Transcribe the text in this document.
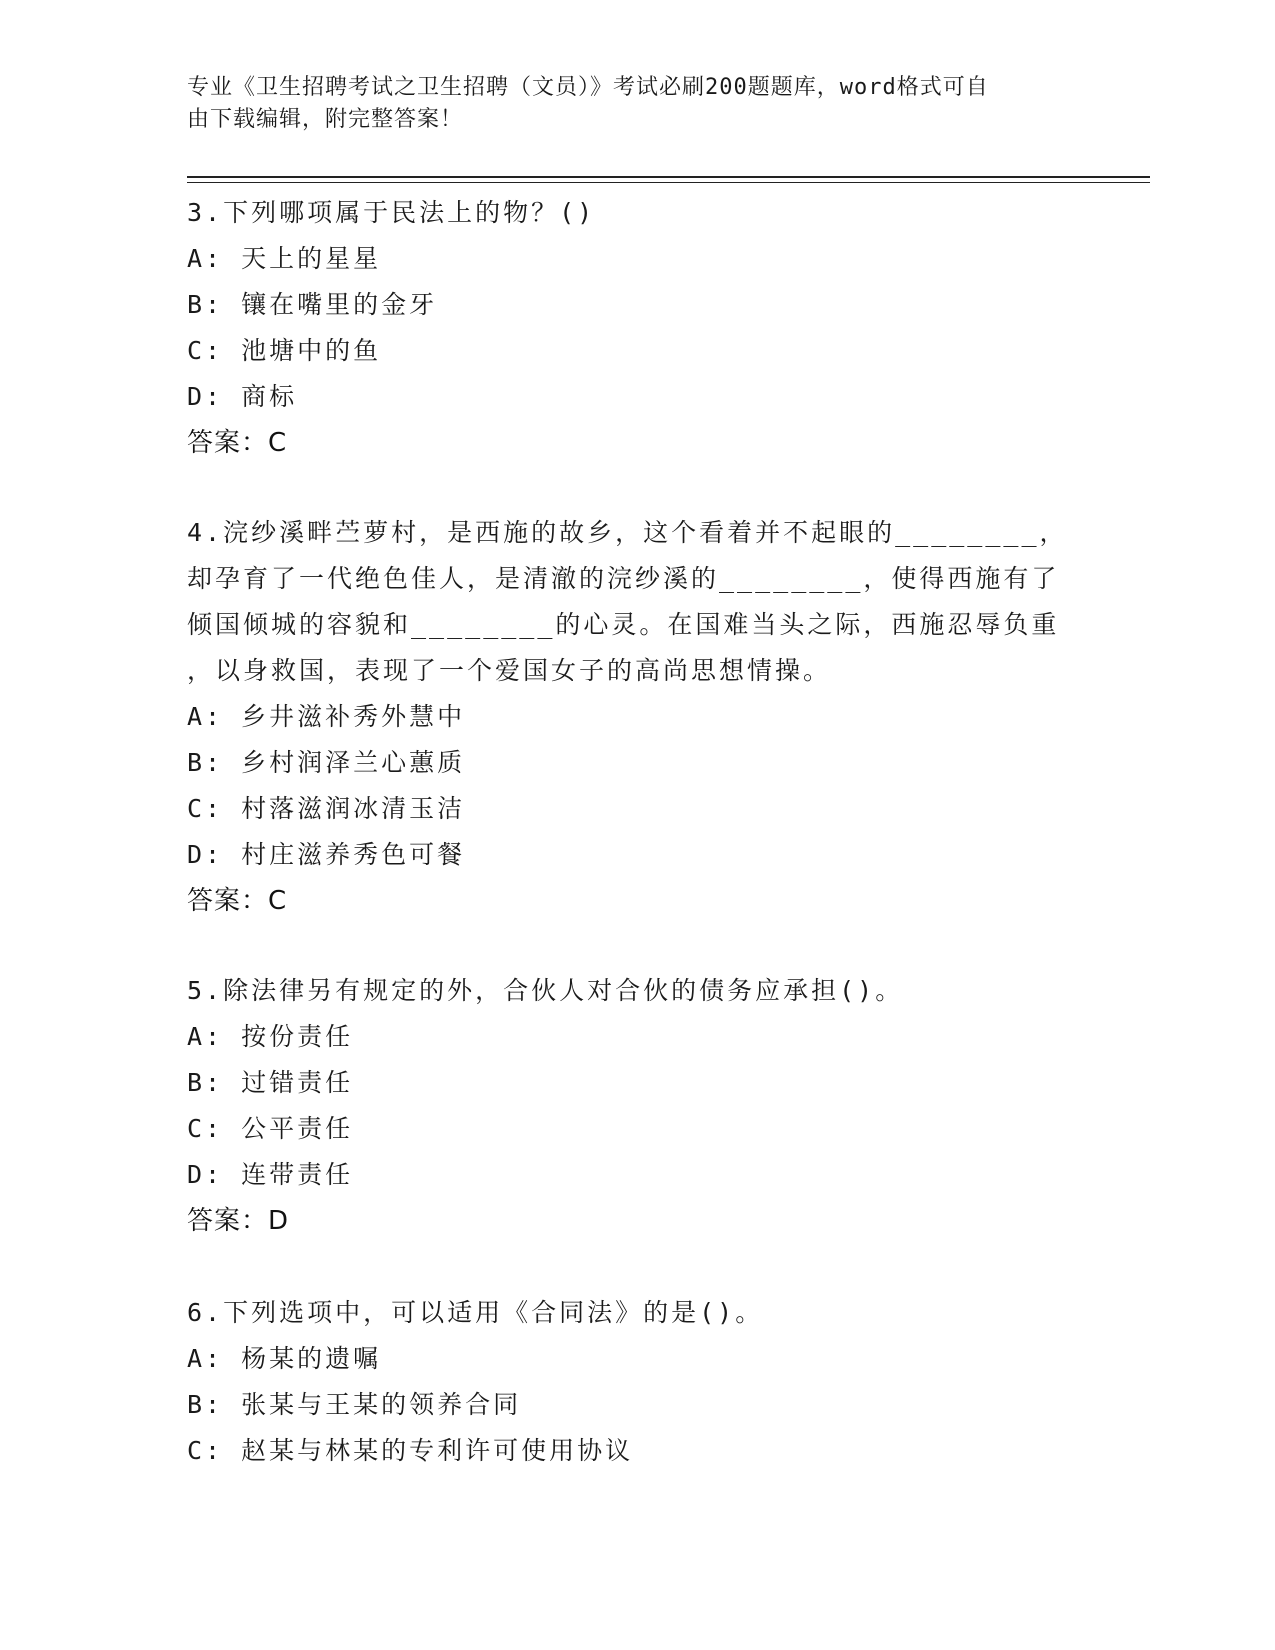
专业《卫生招聘考试之卫生招聘（文员）》考试必刷200题题库，word格式可自
由下载编辑，附完整答案！
3.下列哪项属于民法上的物？()
A: 天上的星星
B: 镶在嘴里的金牙
C: 池塘中的鱼
D: 商标
答案：C
4.浣纱溪畔苎萝村，是西施的故乡，这个看着并不起眼的________，
却孕育了一代绝色佳人，是清澈的浣纱溪的________，使得西施有了
倾国倾城的容貌和________的心灵。在国难当头之际，西施忍辱负重
，以身救国，表现了一个爱国女子的高尚思想情操。
A: 乡井滋补秀外慧中
B: 乡村润泽兰心蕙质
C: 村落滋润冰清玉洁
D: 村庄滋养秀色可餐
答案：C
5.除法律另有规定的外，合伙人对合伙的债务应承担()。
A: 按份责任
B: 过错责任
C: 公平责任
D: 连带责任
答案：D
6.下列选项中，可以适用《合同法》的是()。
A: 杨某的遗嘱
B: 张某与王某的领养合同
C: 赵某与林某的专利许可使用协议
